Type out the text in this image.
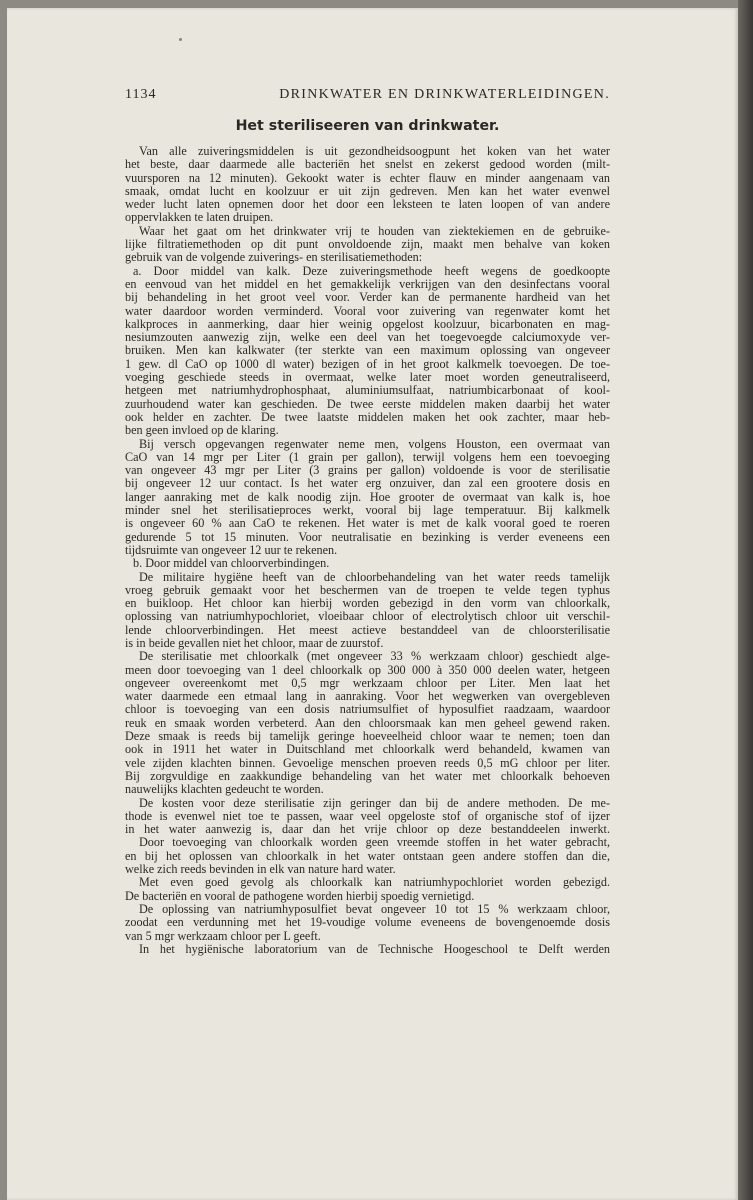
1134	DRINKWATER EN DRINKWATERLEIDINGEN.
Het steriliseeren van drinkwater.
Van alle zuiveringsmiddelen is uit gezondheidsoogpunt het koken van het water
het beste, daar daarmede alle bacteriën het snelst en zekerst gedood worden (milt-
vuursporen na 12 minuten). Gekookt water is echter flauw en minder aangenaam van
smaak, omdat lucht en koolzuur er uit zijn gedreven. Men kan het water evenwel
weder lucht laten opnemen door het door een leksteen te laten loopen of van andere
oppervlakken te laten druipen.
Waar het gaat om het drinkwater vrij te houden van ziektekiemen en de gebruike-
lijke filtratiemethoden op dit punt onvoldoende zijn, maakt men behalve van koken
gebruik van de volgende zuiverings- en sterilisatiemethoden:
a. Door middel van kalk. Deze zuiveringsmethode heeft wegens de goedkoopte
en eenvoud van het middel en het gemakkelijk verkrijgen van den desinfectans vooral
bij behandeling in het groot veel voor. Verder kan de permanente hardheid van het
water daardoor worden verminderd. Vooral voor zuivering van regenwater komt het
kalkproces in aanmerking, daar hier weinig opgelost koolzuur, bicarbonaten en mag-
nesiumzouten aanwezig zijn, welke een deel van het toegevoegde calciumoxyde ver-
bruiken. Men kan kalkwater (ter sterkte van een maximum oplossing van ongeveer
1 gew. dl CaO op 1000 dl water) bezigen of in het groot kalkmelk toevoegen. De toe-
voeging geschiede steeds in overmaat, welke later moet worden geneutraliseerd,
hetgeen met natriumhydrophosphaat, aluminiumsulfaat, natriumbicarbonaat of kool-
zuurhoudend water kan geschieden. De twee eerste middelen maken daarbij het water
ook helder en zachter. De twee laatste middelen maken het ook zachter, maar heb-
ben geen invloed op de klaring.
Bij versch opgevangen regenwater neme men, volgens Houston, een overmaat van
CaO van 14 mgr per Liter (1 grain per gallon), terwijl volgens hem een toevoeging
van ongeveer 43 mgr per Liter (3 grains per gallon) voldoende is voor de sterilisatie
bij ongeveer 12 uur contact. Is het water erg onzuiver, dan zal een grootere dosis en
langer aanraking met de kalk noodig zijn. Hoe grooter de overmaat van kalk is, hoe
minder snel het sterilisatieproces werkt, vooral bij lage temperatuur. Bij kalkmelk
is ongeveer 60 % aan CaO te rekenen. Het water is met de kalk vooral goed te roeren
gedurende 5 tot 15 minuten. Voor neutralisatie en bezinking is verder eveneens een
tijdsruimte van ongeveer 12 uur te rekenen.
b. Door middel van chloorverbindingen.
De militaire hygiëne heeft van de chloorbehandeling van het water reeds tamelijk
vroeg gebruik gemaakt voor het beschermen van de troepen te velde tegen typhus
en buikloop. Het chloor kan hierbij worden gebezigd in den vorm van chloorkalk,
oplossing van natriumhypochloriet, vloeibaar chloor of electrolytisch chloor uit verschil-
lende chloorverbindingen. Het meest actieve bestanddeel van de chloorsterilisatie
is in beide gevallen niet het chloor, maar de zuurstof.
De sterilisatie met chloorkalk (met ongeveer 33 % werkzaam chloor) geschiedt alge-
meen door toevoeging van 1 deel chloorkalk op 300 000 à 350 000 deelen water, hetgeen
ongeveer overeenkomt met 0,5 mgr werkzaam chloor per Liter. Men laat het
water daarmede een etmaal lang in aanraking. Voor het wegwerken van overgebleven
chloor is toevoeging van een dosis natriumsulfiet of hyposulfiet raadzaam, waardoor
reuk en smaak worden verbeterd. Aan den chloorsmaak kan men geheel gewend raken.
Deze smaak is reeds bij tamelijk geringe hoeveelheid chloor waar te nemen; toen dan
ook in 1911 het water in Duitschland met chloorkalk werd behandeld, kwamen van
vele zijden klachten binnen. Gevoelige menschen proeven reeds 0,5 mG chloor per liter.
Bij zorgvuldige en zaakkundige behandeling van het water met chloorkalk behoeven
nauwelijks klachten gedeucht te worden.
De kosten voor deze sterilisatie zijn geringer dan bij de andere methoden. De me-
thode is evenwel niet toe te passen, waar veel opgeloste stof of organische stof of ijzer
in het water aanwezig is, daar dan het vrije chloor op deze bestanddeelen inwerkt.
Door toevoeging van chloorkalk worden geen vreemde stoffen in het water gebracht,
en bij het oplossen van chloorkalk in het water ontstaan geen andere stoffen dan die,
welke zich reeds bevinden in elk van nature hard water.
Met even goed gevolg als chloorkalk kan natriumhypochloriet worden gebezigd.
De bacteriën en vooral de pathogene worden hierbij spoedig vernietigd.
De oplossing van natriumhyposulfiet bevat ongeveer 10 tot 15 % werkzaam chloor,
zoodat een verdunning met het 19-voudige volume eveneens de bovengenoemde dosis
van 5 mgr werkzaam chloor per L geeft.
In het hygiënische laboratorium van de Technische Hoogeschool te Delft werden
